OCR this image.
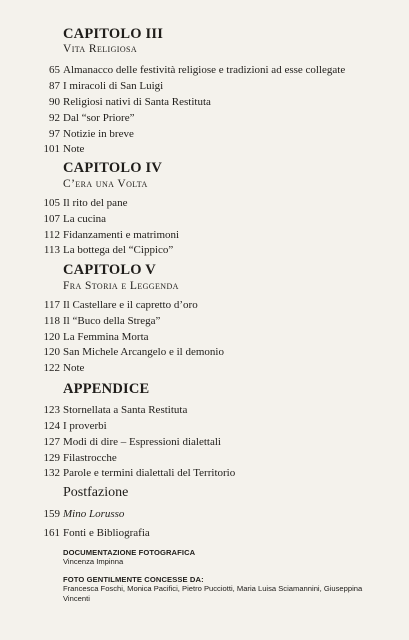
CAPITOLO III
Vita Religiosa
65 Almanacco delle festività religiose e tradizioni ad esse collegate
87 I miracoli di San Luigi
90 Religiosi nativi di Santa Restituta
92 Dal “sor Priore”
97 Notizie in breve
101 Note
CAPITOLO IV
C’era una Volta
105 Il rito del pane
107 La cucina
112 Fidanzamenti e matrimoni
113 La bottega del “Cippico”
CAPITOLO V
Fra Storia e Leggenda
117 Il Castellare e il capretto d’oro
118 Il “Buco della Strega”
120 La Femmina Morta
120 San Michele Arcangelo e il demonio
122 Note
APPENDICE
123 Stornellata a Santa Restituta
124 I proverbi
127 Modi di dire – Espressioni dialettali
129 Filastrocche
132 Parole e termini dialettali del Territorio
Postfazione
159 Mino Lorusso
161 Fonti e Bibliografia
DOCUMENTAZIONE FOTOGRAFICA
Vincenza Impinna
FOTO GENTILMENTE CONCESSE DA:
Francesca Foschi, Monica Pacifici, Pietro Pucciotti, Maria Luisa Sciamannini, Giuseppina Vincenti
